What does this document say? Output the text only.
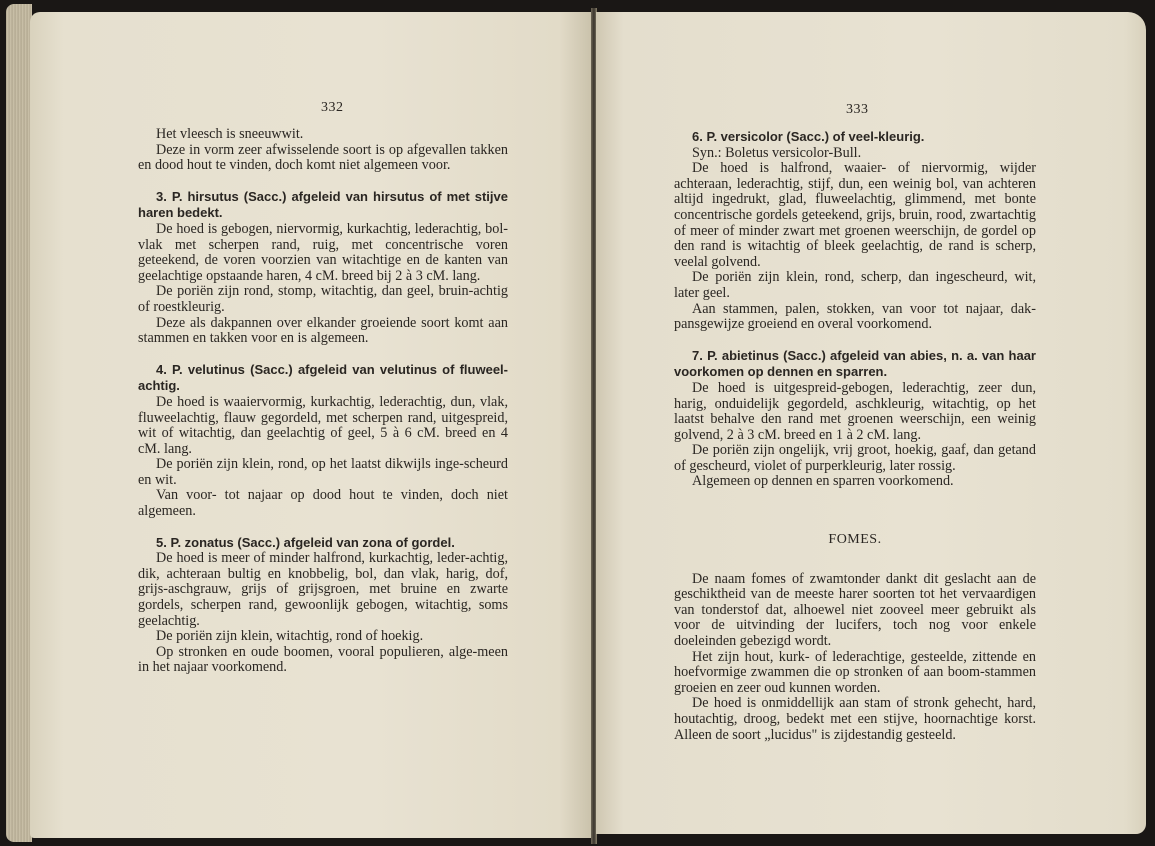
332

Het vleesch is sneeuwwit.

Deze in vorm zeer afwisselende soort is op afgevallen takken en dood hout te vinden, doch komt niet algemeen voor.

3. P. hirsutus (Sacc.) afgeleid van hirsutus of met stijve haren bedekt.

De hoed is gebogen, niervormig, kurkachtig, lederachtig, bol-vlak met scherpen rand, ruig, met concentrische voren geteekend, de voren voorzien van witachtige en de kanten van geelachtige opstaande haren, 4 cM. breed bij 2 à 3 cM. lang.

De poriën zijn rond, stomp, witachtig, dan geel, bruin-achtig of roestkleurig.

Deze als dakpannen over elkander groeiende soort komt aan stammen en takken voor en is algemeen.

4. P. velutinus (Sacc.) afgeleid van velutinus of fluweel-achtig.

De hoed is waaiervormig, kurkachtig, lederachtig, dun, vlak, fluweelachtig, flauw gegordeld, met scherpen rand, uitgespreid, wit of witachtig, dan geelachtig of geel, 5 à 6 cM. breed en 4 cM. lang.

De poriën zijn klein, rond, op het laatst dikwijls inge-scheurd en wit.

Van voor- tot najaar op dood hout te vinden, doch niet algemeen.

5. P. zonatus (Sacc.) afgeleid van zona of gordel.

De hoed is meer of minder halfrond, kurkachtig, leder-achtig, dik, achteraan bultig en knobbelig, bol, dan vlak, harig, dof, grijs-aschgrauw, grijs of grijsgroen, met bruine en zwarte gordels, scherpen rand, gewoonlijk gebogen, witachtig, soms geelachtig.

De poriën zijn klein, witachtig, rond of hoekig.

Op stronken en oude boomen, vooral populieren, alge-meen in het najaar voorkomend.

333

6. P. versicolor (Sacc.) of veel-kleurig.

Syn.: Boletus versicolor-Bull.

De hoed is halfrond, waaier- of niervormig, wijder achteraan, lederachtig, stijf, dun, een weinig bol, van achteren altijd ingedrukt, glad, fluweelachtig, glimmend, met bonte concentrische gordels geteekend, grijs, bruin, rood, zwartachtig of meer of minder zwart met groenen weerschijn, de gordel op den rand is witachtig of bleek geelachtig, de rand is scherp, veelal golvend.

De poriën zijn klein, rond, scherp, dan ingescheurd, wit, later geel.

Aan stammen, palen, stokken, van voor tot najaar, dak-pansgewijze groeiend en overal voorkomend.

7. P. abietinus (Sacc.) afgeleid van abies, n. a. van haar voorkomen op dennen en sparren.

De hoed is uitgespreid-gebogen, lederachtig, zeer dun, harig, onduidelijk gegordeld, aschkleurig, witachtig, op het laatst behalve den rand met groenen weerschijn, een weinig golvend, 2 à 3 cM. breed en 1 à 2 cM. lang.

De poriën zijn ongelijk, vrij groot, hoekig, gaaf, dan getand of gescheurd, violet of purperkleurig, later rossig.

Algemeen op dennen en sparren voorkomend.

FOMES.

De naam fomes of zwamtonder dankt dit geslacht aan de geschiktheid van de meeste harer soorten tot het vervaardigen van tonderstof dat, alhoewel niet zooveel meer gebruikt als voor de uitvinding der lucifers, toch nog voor enkele doeleinden gebezigd wordt.

Het zijn hout, kurk- of lederachtige, gesteelde, zittende en hoefvormige zwammen die op stronken of aan boom-stammen groeien en zeer oud kunnen worden.

De hoed is onmiddellijk aan stam of stronk gehecht, hard, houtachtig, droog, bedekt met een stijve, hoornachtige korst. Alleen de soort „lucidus" is zijdestandig gesteeld.
